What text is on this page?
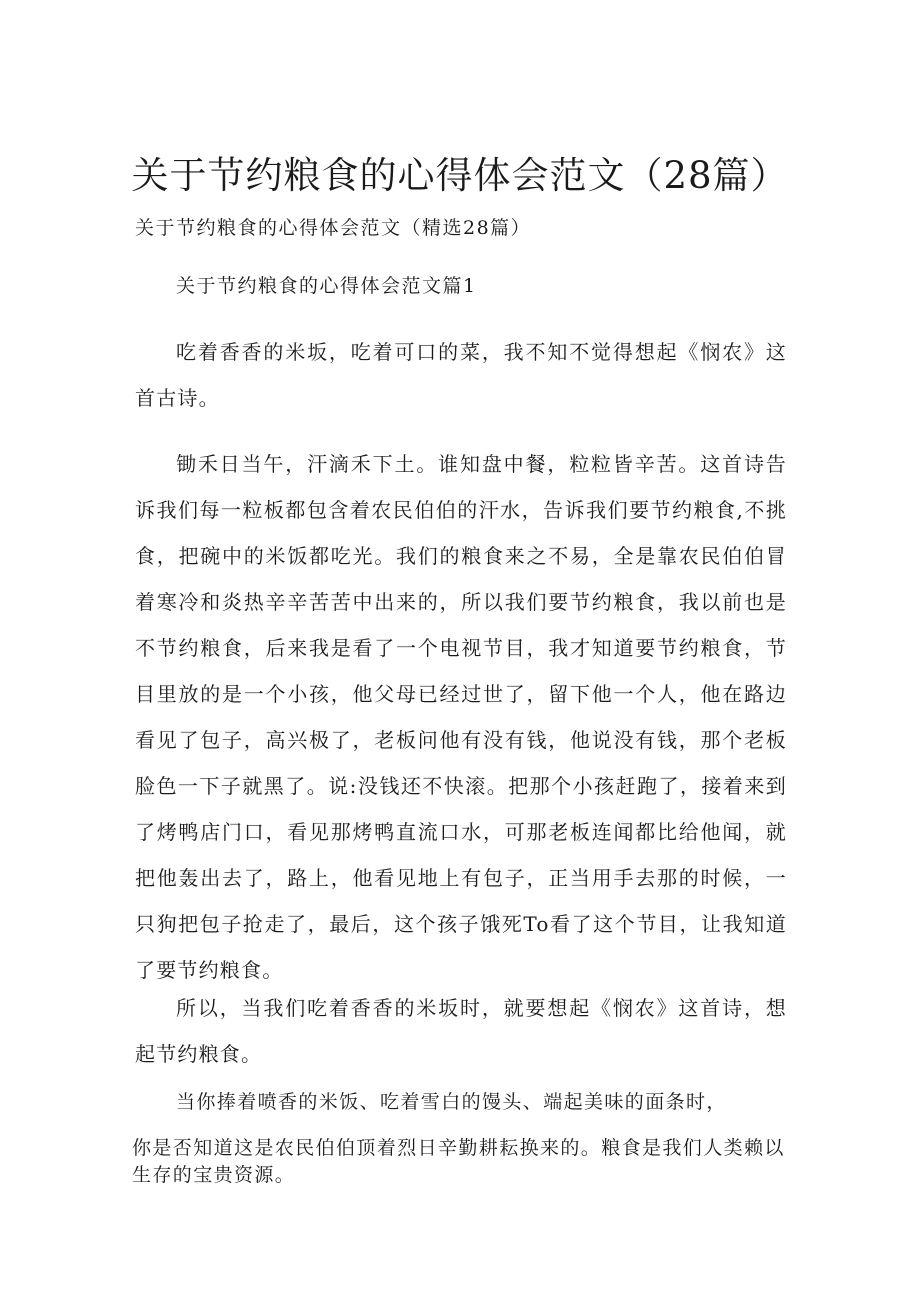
关于节约粮食的心得体会范文（28篇）

关于节约粮食的心得体会范文（精选28篇）

关于节约粮食的心得体会范文篇1

吃着香香的米坂，吃着可口的菜，我不知不觉得想起《悯农》这首古诗。

锄禾日当午，汗滴禾下土。谁知盘中餐，粒粒皆辛苦。这首诗告诉我们每一粒板都包含着农民伯伯的汗水，告诉我们要节约粮食,不挑食，把碗中的米饭都吃光。我们的粮食来之不易，全是靠农民伯伯冒着寒冷和炎热辛辛苦苦中出来的，所以我们要节约粮食，我以前也是不节约粮食，后来我是看了一个电视节目，我才知道要节约粮食，节目里放的是一个小孩，他父母已经过世了，留下他一个人，他在路边看见了包子，高兴极了，老板问他有没有钱，他说没有钱，那个老板脸色一下子就黑了。说:没钱还不快滚。把那个小孩赶跑了，接着来到了烤鸭店门口，看见那烤鸭直流口水，可那老板连闻都比给他闻，就把他轰出去了，路上，他看见地上有包子，正当用手去那的时候，一只狗把包子抢走了，最后，这个孩子饿死To看了这个节目，让我知道了要节约粮食。

所以，当我们吃着香香的米坂时，就要想起《悯农》这首诗，想起节约粮食。

当你捧着喷香的米饭、吃着雪白的馒头、端起美味的面条时，

你是否知道这是农民伯伯顶着烈日辛勤耕耘换来的。粮食是我们人类赖以生存的宝贵资源。
